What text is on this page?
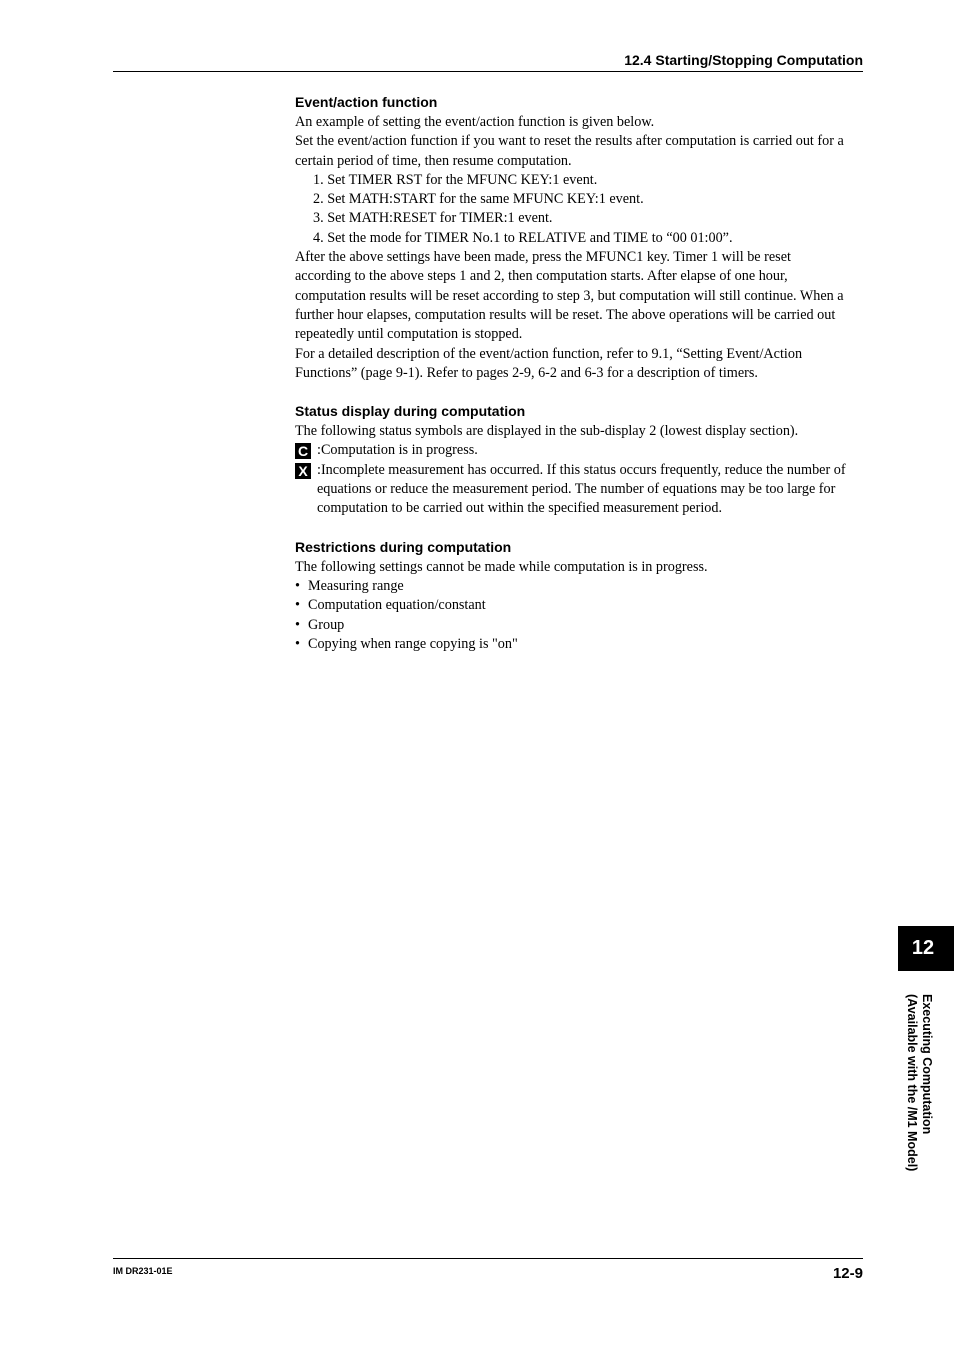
12.4 Starting/Stopping Computation
Event/action function

An example of setting the event/action function is given below.

Set the event/action function if you want to reset the results after computation is carried out for a

certain period of time, then resume computation.

1. Set TIMER RST for the MFUNC KEY:1 event.
2. Set MATH:START for the same MFUNC KEY:1 event.
3. Set MATH:RESET for TIMER:1 event.
4. Set the mode for TIMER No.1 to RELATIVE and TIME to “00 01:00”.

After the above settings have been made, press the MFUNC1 key. Timer 1 will be reset

according to the above steps 1 and 2, then computation starts. After elapse of one hour,

computation results will be reset according to step 3, but computation will still continue. When a

further hour elapses, computation results will be reset. The above operations will be carried out

repeatedly until computation is stopped.

For a detailed description of the event/action function, refer to 9.1, “Setting Event/Action

Functions” (page 9-1). Refer to pages 2-9, 6-2 and 6-3 for a description of timers.

Status display during computation

The following status symbols are displayed in the sub-display 2 (lowest display section).

C :Computation is in progress.
X :Incomplete measurement has occurred. If this status occurs frequently, reduce the number of
equations or reduce the measurement period. The number of equations may be too large for
computation to be carried out within the specified measurement period.
Restrictions during computation

The following settings cannot be made while computation is in progress.

• Measuring range
• Computation equation/constant
• Group
• Copying when range copying is "on"
12
Executing Computation
(Available with the /M1 Model)
IM DR231-01E	12-9
